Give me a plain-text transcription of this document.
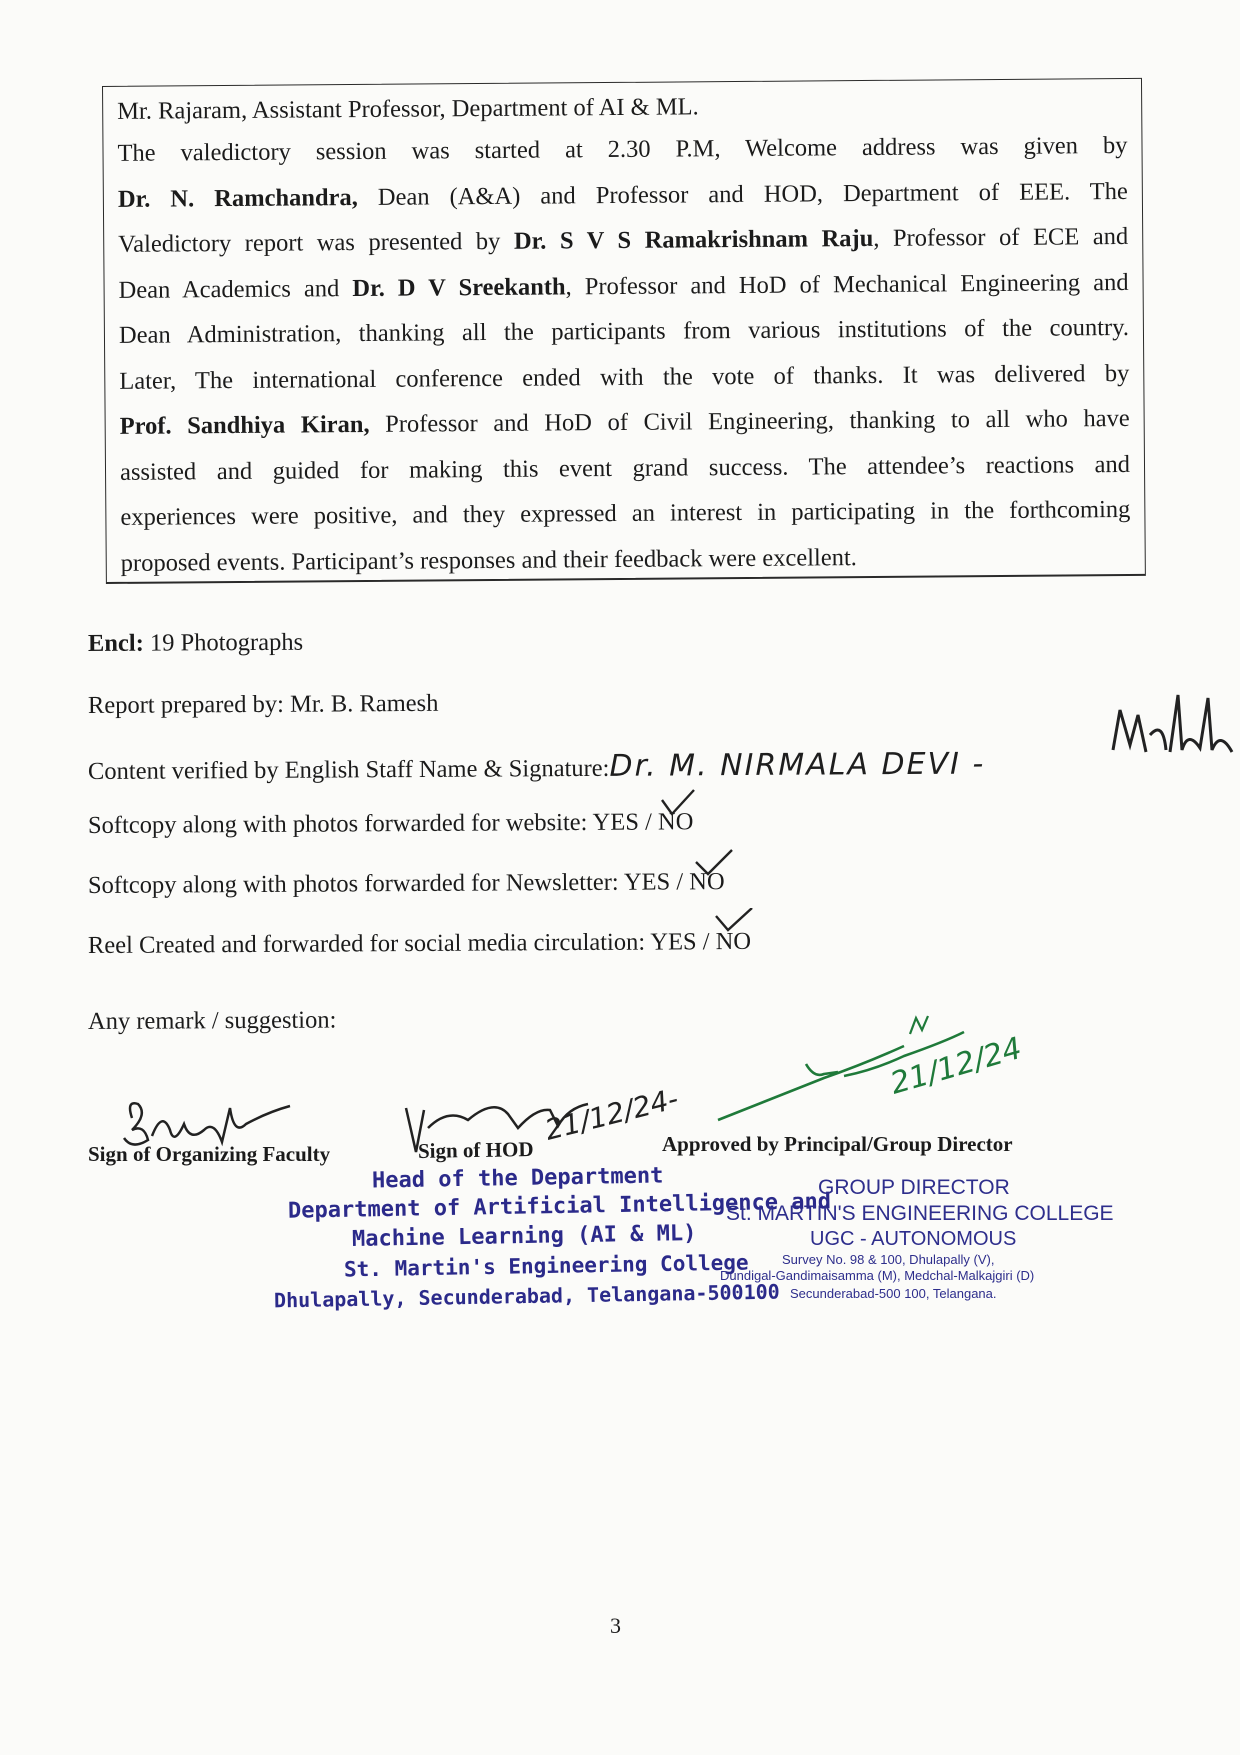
Mr. Rajaram, Assistant Professor, Department of AI & ML.
The valedictory session was started at 2.30 P.M, Welcome address was given by
Dr. N. Ramchandra, Dean (A&A) and Professor and HOD, Department of EEE. The
Valedictory report was presented by Dr. S V S Ramakrishnam Raju, Professor of ECE and
Dean Academics and Dr. D V Sreekanth, Professor and HoD of Mechanical Engineering and
Dean Administration, thanking all the participants from various institutions of the country.
Later, The international conference ended with the vote of thanks. It was delivered by
Prof. Sandhiya Kiran, Professor and HoD of Civil Engineering, thanking to all who have
assisted and guided for making this event grand success. The attendee’s reactions and
experiences were positive, and they expressed an interest in participating in the forthcoming
proposed events. Participant’s responses and their feedback were excellent.
Encl: 19 Photographs
Report prepared by: Mr. B. Ramesh
Content verified by English Staff Name & Signature:Dr. M. NIRMALA DEVI -
Softcopy along with photos forwarded for website: YES / NO
Softcopy along with photos forwarded for Newsletter: YES / NO
Reel Created and forwarded for social media circulation: YES / NO
Any remark / suggestion:
21/12/24-
21/12/24
Sign of Organizing Faculty	Sign of HOD	Approved by Principal/Group Director
Head of the Department
Department of Artificial Intelligence and
Machine Learning (AI & ML)
St. Martin's Engineering College
Dhulapally, Secunderabad, Telangana-500100
GROUP DIRECTOR
St. MARTIN'S ENGINEERING COLLEGE
UGC - AUTONOMOUS
Survey No. 98 & 100, Dhulapally (V),
Dundigal-Gandimaisamma (M), Medchal-Malkajgiri (D)
Secunderabad-500 100, Telangana.
3
